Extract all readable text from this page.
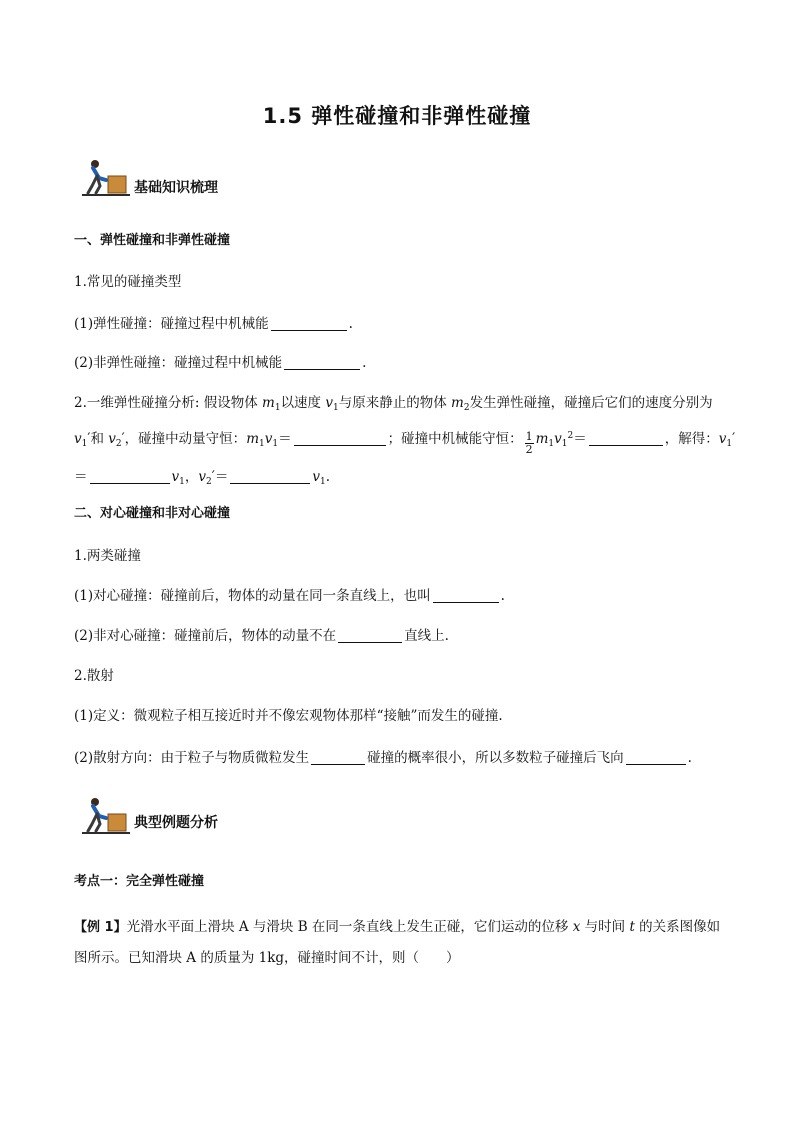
1.5 弹性碰撞和非弹性碰撞
基础知识梳理
一、弹性碰撞和非弹性碰撞
1.常见的碰撞类型
(1)弹性碰撞：碰撞过程中机械能	.
(2)非弹性碰撞：碰撞过程中机械能	.
2.一维弹性碰撞分析: 假设物体 $m_1$以速度 $v_1$与原来静止的物体 $m_2$发生弹性碰撞，碰撞后它们的速度分别为
$v_1'$和 $v_2'$，碰撞中动量守恒：$m_1v_1=$	；碰撞中机械能守恒： $\frac{1}{2} m_1v_1^2=$	，解得：$v_1'$
＝	$v_1$，$v_2'=$	$v_1$.
二、对心碰撞和非对心碰撞
1.两类碰撞
(1)对心碰撞：碰撞前后，物体的动量在同一条直线上，也叫	.
(2)非对心碰撞：碰撞前后，物体的动量不在	直线上.
2.散射
(1)定义：微观粒子相互接近时并不像宏观物体那样“接触”而发生的碰撞.
(2)散射方向：由于粒子与物质微粒发生	碰撞的概率很小，所以多数粒子碰撞后飞向	.
典型例题分析
考点一：完全弹性碰撞
【例 1】光滑水平面上滑块 A 与滑块 B 在同一条直线上发生正碰，它们运动的位移 x 与时间 t 的关系图像如
图所示。已知滑块 A 的质量为 1kg，碰撞时间不计，则（　　）
